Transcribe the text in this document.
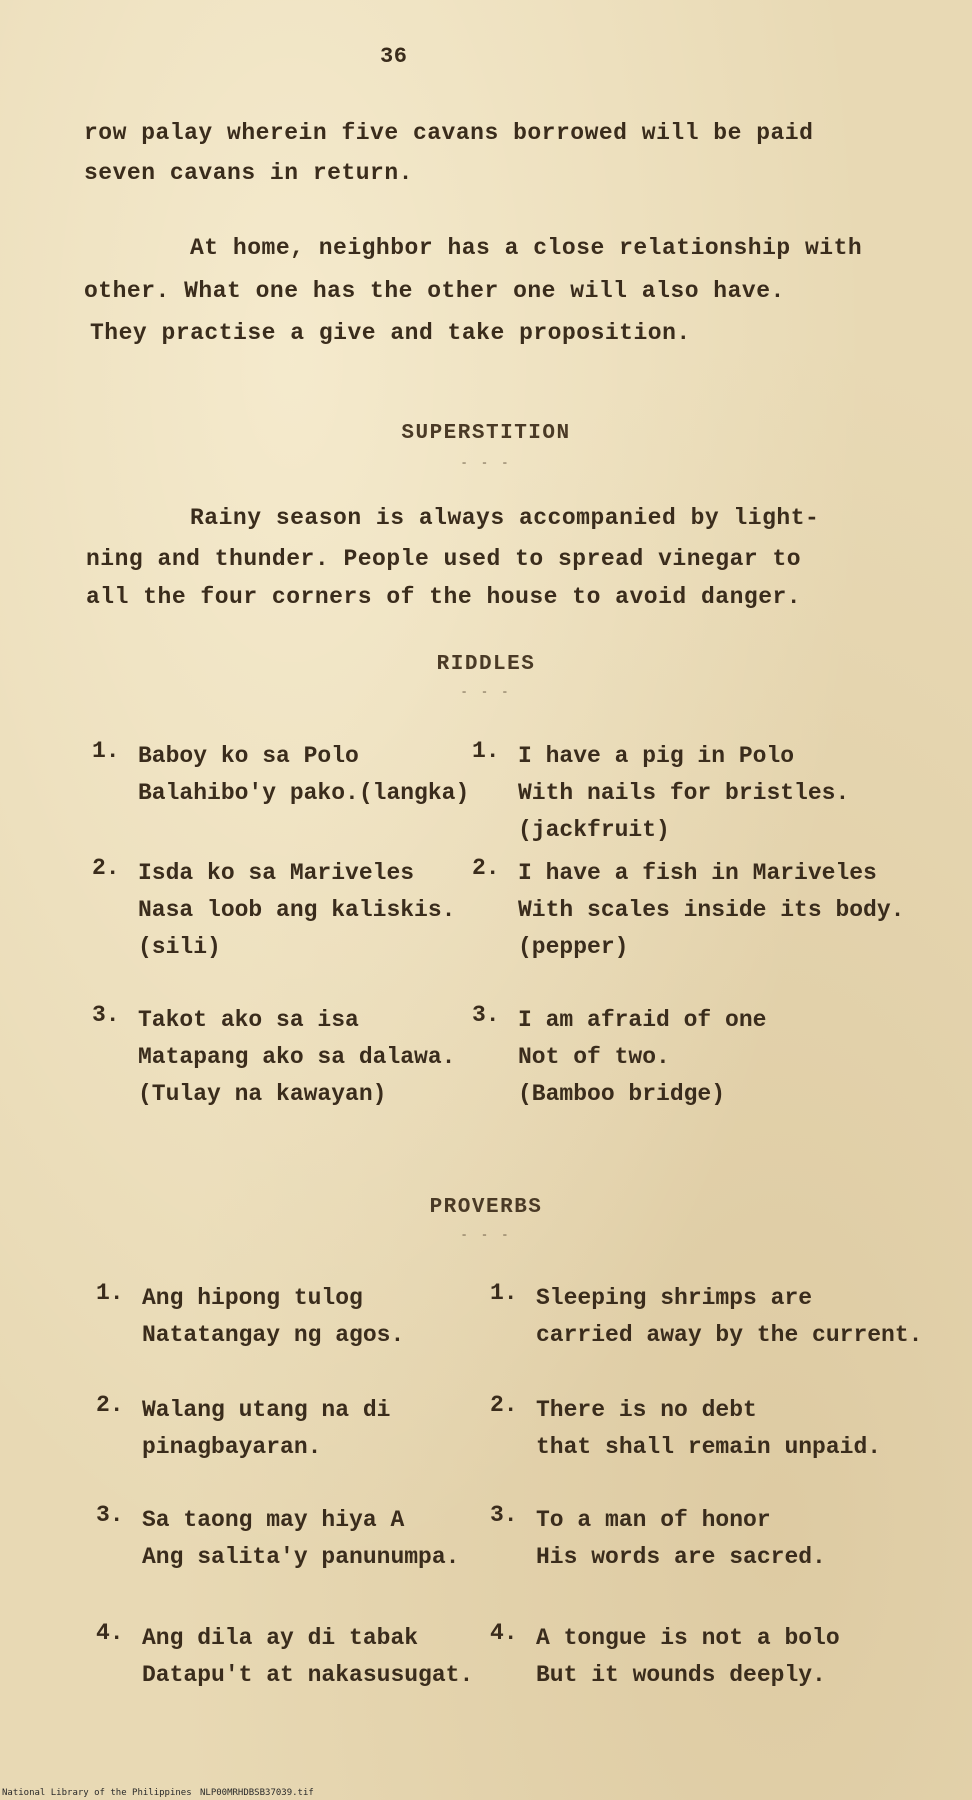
36
row palay wherein five cavans borrowed will be paid
seven cavans in return.
At home, neighbor has a close relationship with
other. What one has the other one will also have.
They practise a give and take proposition.
SUPERSTITION
- - -
Rainy season is always accompanied by light-
ning and thunder. People used to spread vinegar to
all the four corners of the house to avoid danger.
RIDDLES
- - -
1. Baboy ko sa Polo
Balahibo'y pako.(langka)
1. I have a pig in Polo
With nails for bristles.
(jackfruit)
2. Isda ko sa Mariveles
Nasa loob ang kaliskis.
(sili)
2. I have a fish in Mariveles
With scales inside its body.
(pepper)
3. Takot ako sa isa
Matapang ako sa dalawa.
(Tulay na kawayan)
3. I am afraid of one
Not of two.
(Bamboo bridge)
PROVERBS
- - -
1. Ang hipong tulog
Natatangay ng agos.
1. Sleeping shrimps are
carried away by the current.
2. Walang utang na di
pinagbayaran.
2. There is no debt
that shall remain unpaid.
3. Sa taong may hiya A
Ang salita'y panunumpa.
3. To a man of honor
His words are sacred.
4. Ang dila ay di tabak
Datapu't at nakasusugat.
4. A tongue is not a bolo
But it wounds deeply.
National Library of the Philippines NLP00MRHDBSB37039.tif
